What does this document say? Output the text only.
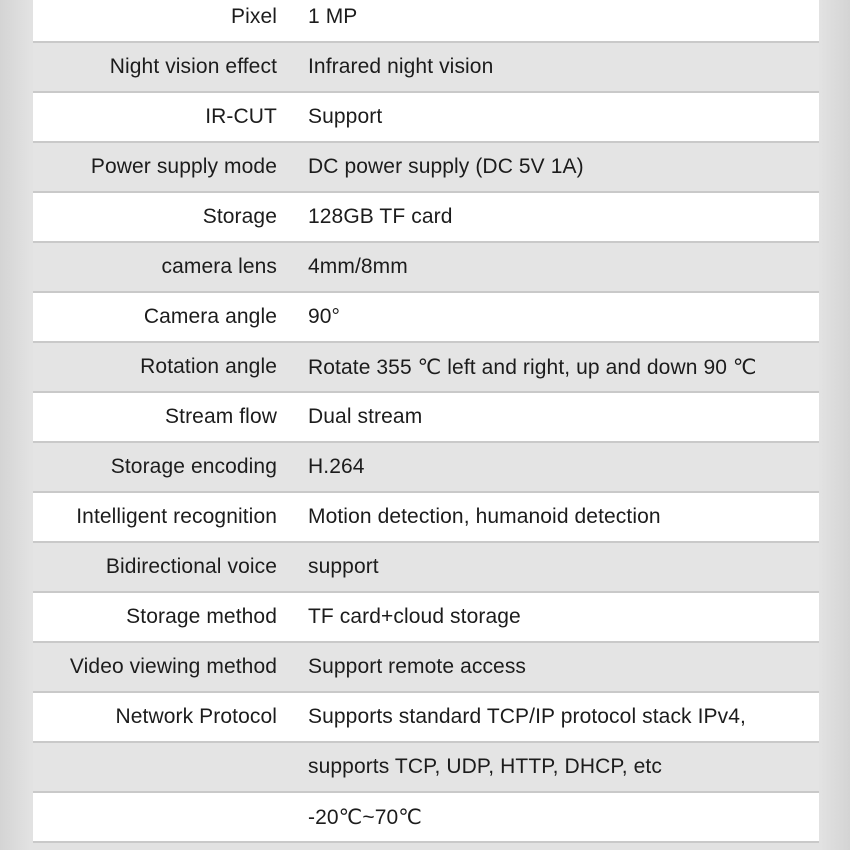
Pixel 1 MP
Night vision effect Infrared night vision
IR-CUT Support
Power supply mode DC power supply (DC 5V 1A)
Storage 128GB TF card
camera lens 4mm/8mm
Camera angle 90°
Rotation angle Rotate 355 ℃ left and right, up and down 90 ℃
Stream flow Dual stream
Storage encoding H.264
Intelligent recognition Motion detection, humanoid detection
Bidirectional voice support
Storage method TF card+cloud storage
Video viewing method Support remote access
Network Protocol Supports standard TCP/IP protocol stack IPv4,
supports TCP, UDP, HTTP, DHCP, etc
-20℃~70℃
